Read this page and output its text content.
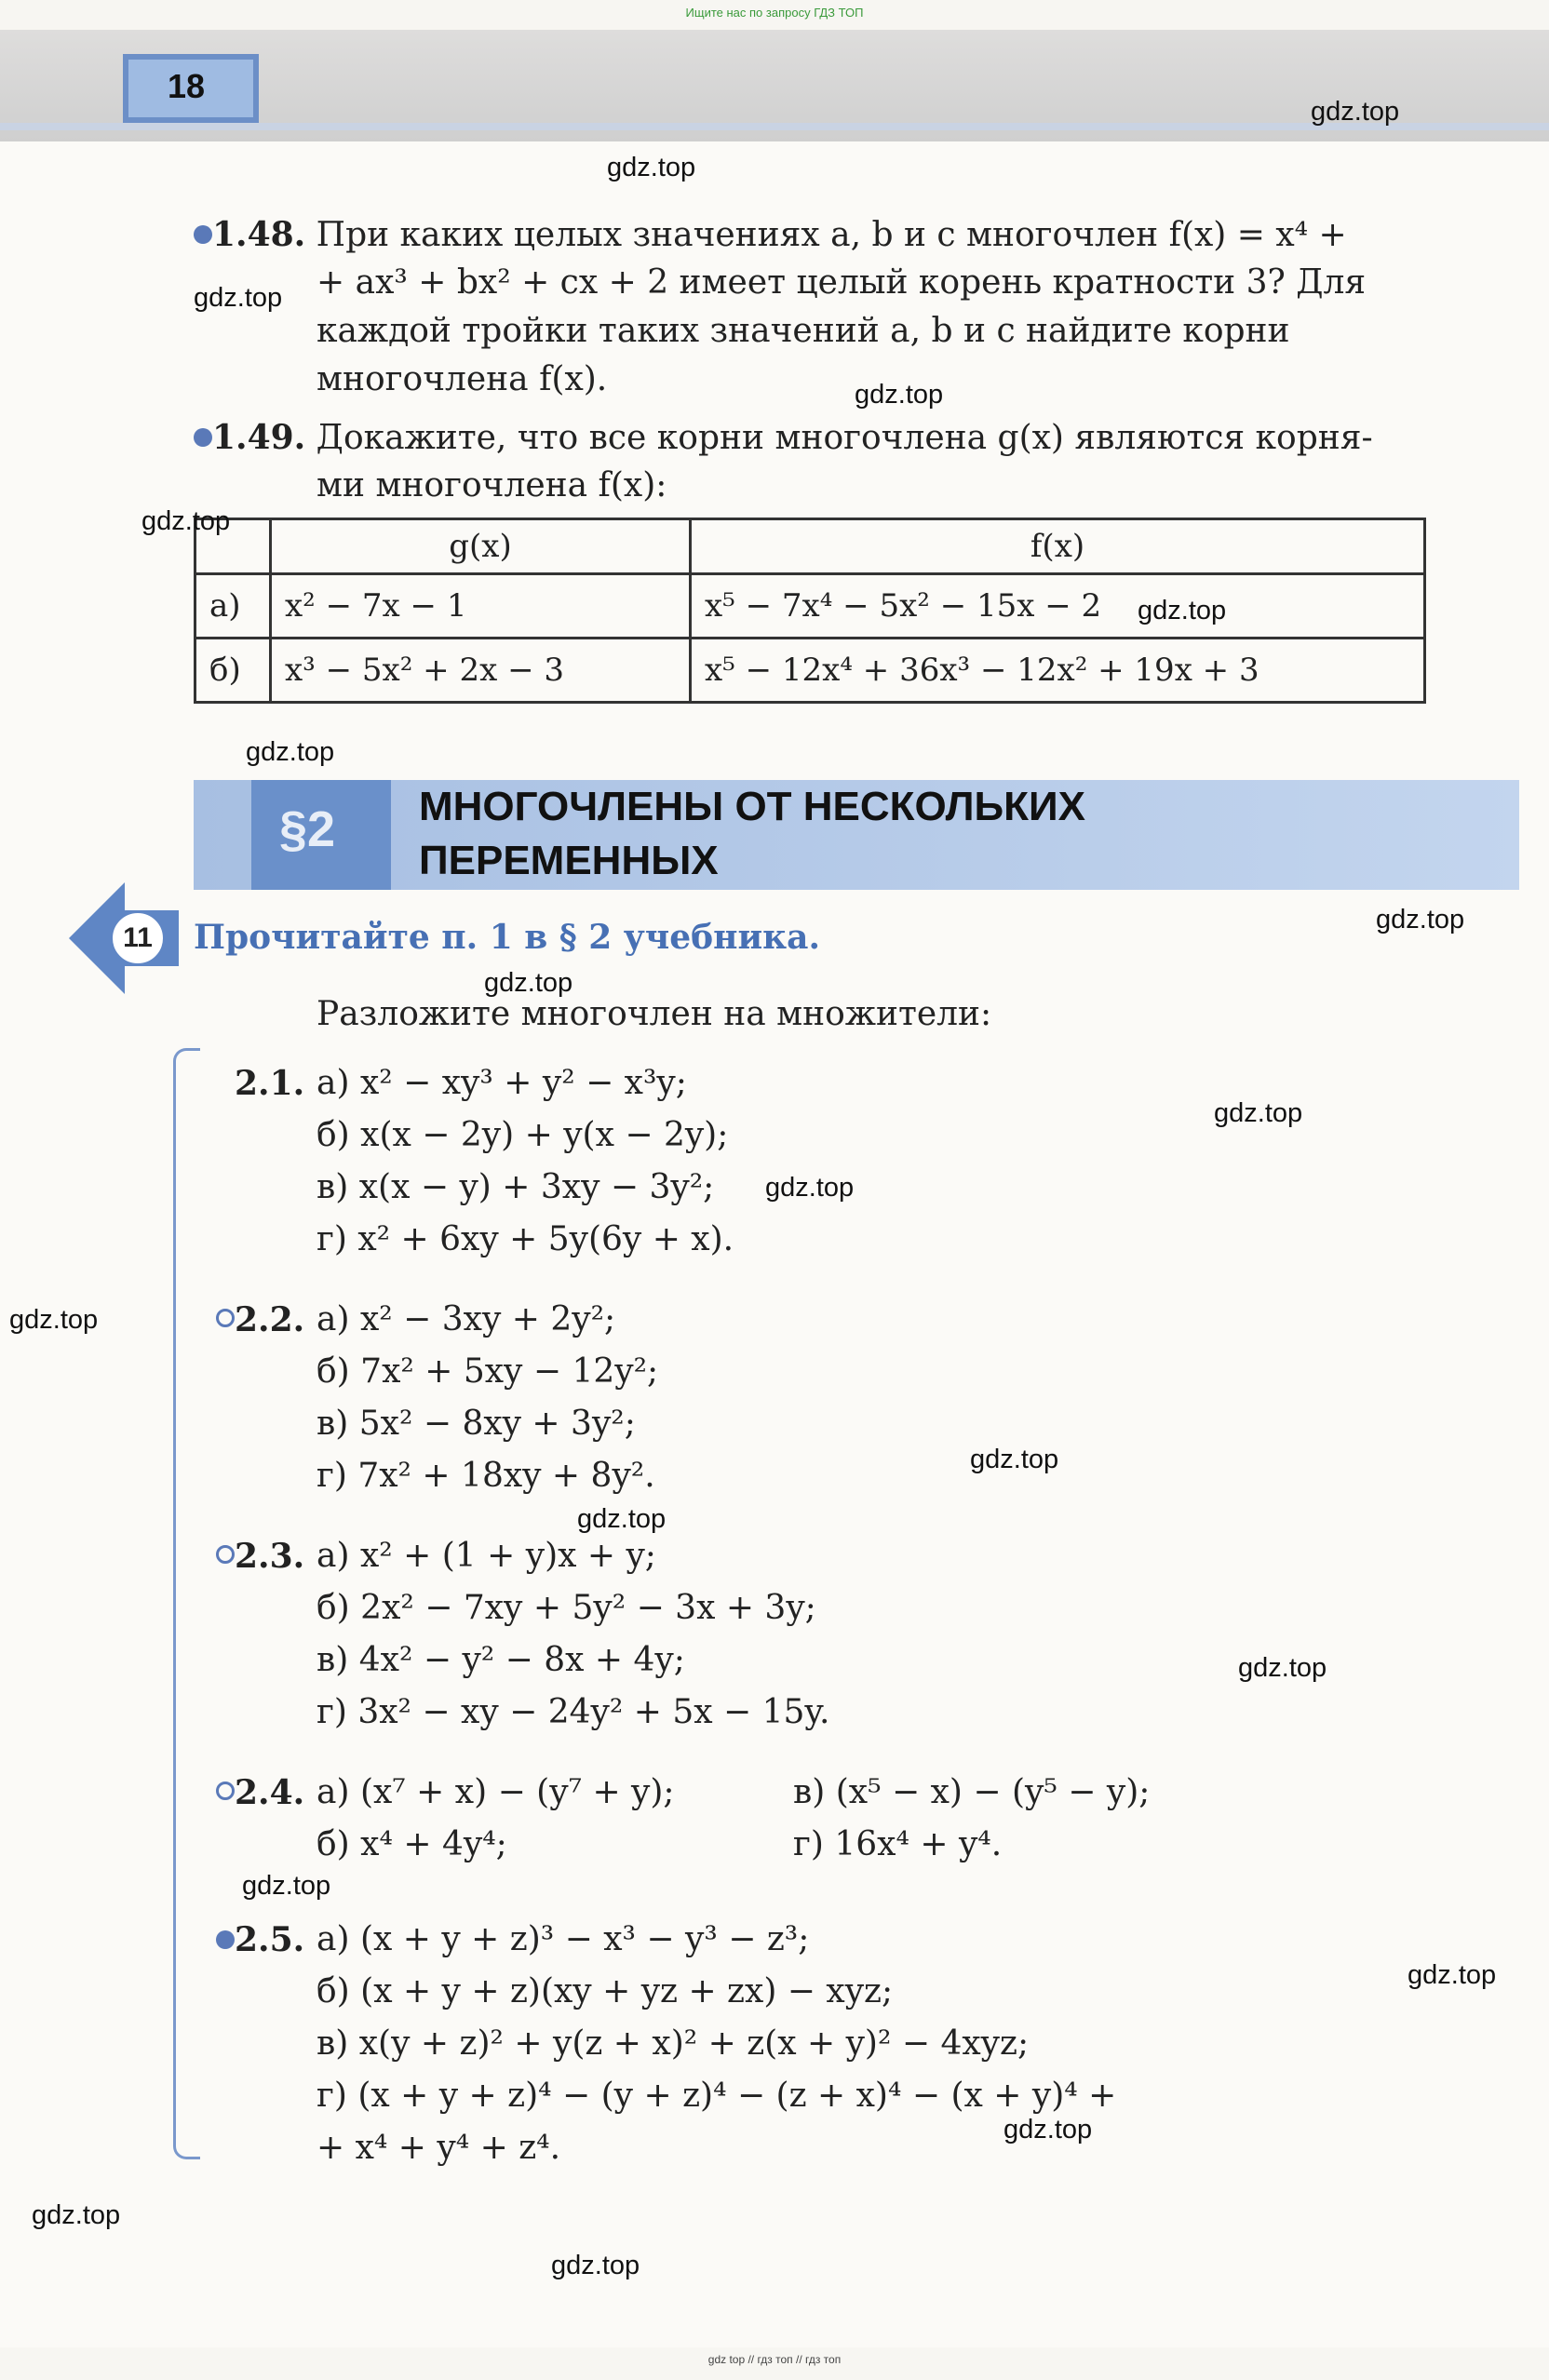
Ищите нас по запросу ГДЗ ТОП
18
1.48. При каких целых значениях a, b и c многочлен f(x) = x⁴ +
+ ax³ + bx² + cx + 2 имеет целый корень кратности 3? Для
каждой тройки таких значений a, b и c найдите корни
многочлена f(x).
1.49. Докажите, что все корни многочлена g(x) являются корня-
ми многочлена f(x):
	g(x)	f(x)
а)	x² − 7x − 1	x⁵ − 7x⁴ − 5x² − 15x − 2
б)	x³ − 5x² + 2x − 3	x⁵ − 12x⁴ + 36x³ − 12x² + 19x + 3
§2 МНОГОЧЛЕНЫ ОТ НЕСКОЛЬКИХ
ПЕРЕМЕННЫХ
11	Прочитайте п. 1 в § 2 учебника.
Разложите многочлен на множители:
2.1. а) x² − xy³ + y² − x³y;
б) x(x − 2y) + y(x − 2y);
в) x(x − y) + 3xy − 3y²;
г) x² + 6xy + 5y(6y + x).
2.2. а) x² − 3xy + 2y²;
б) 7x² + 5xy − 12y²;
в) 5x² − 8xy + 3y²;
г) 7x² + 18xy + 8y².
2.3. а) x² + (1 + y)x + y;
б) 2x² − 7xy + 5y² − 3x + 3y;
в) 4x² − y² − 8x + 4y;
г) 3x² − xy − 24y² + 5x − 15y.
2.4. а) (x⁷ + x) − (y⁷ + y);	в) (x⁵ − x) − (y⁵ − y);
б) x⁴ + 4y⁴;	г) 16x⁴ + y⁴.
2.5. а) (x + y + z)³ − x³ − y³ − z³;
б) (x + y + z)(xy + yz + zx) − xyz;
в) x(y + z)² + y(z + x)² + z(x + y)² − 4xyz;
г) (x + y + z)⁴ − (y + z)⁴ − (z + x)⁴ − (x + y)⁴ +
+ x⁴ + y⁴ + z⁴.
gdz.top
gdz.top
gdz.top
gdz.top
gdz.top
gdz.top
gdz.top
gdz.top
gdz.top
gdz.top
gdz.top
gdz.top
gdz.top
gdz.top
gdz.top
gdz.top
gdz.top
gdz.top
gdz.top
gdz.top
gdz top // гдз топ // гдз топ
